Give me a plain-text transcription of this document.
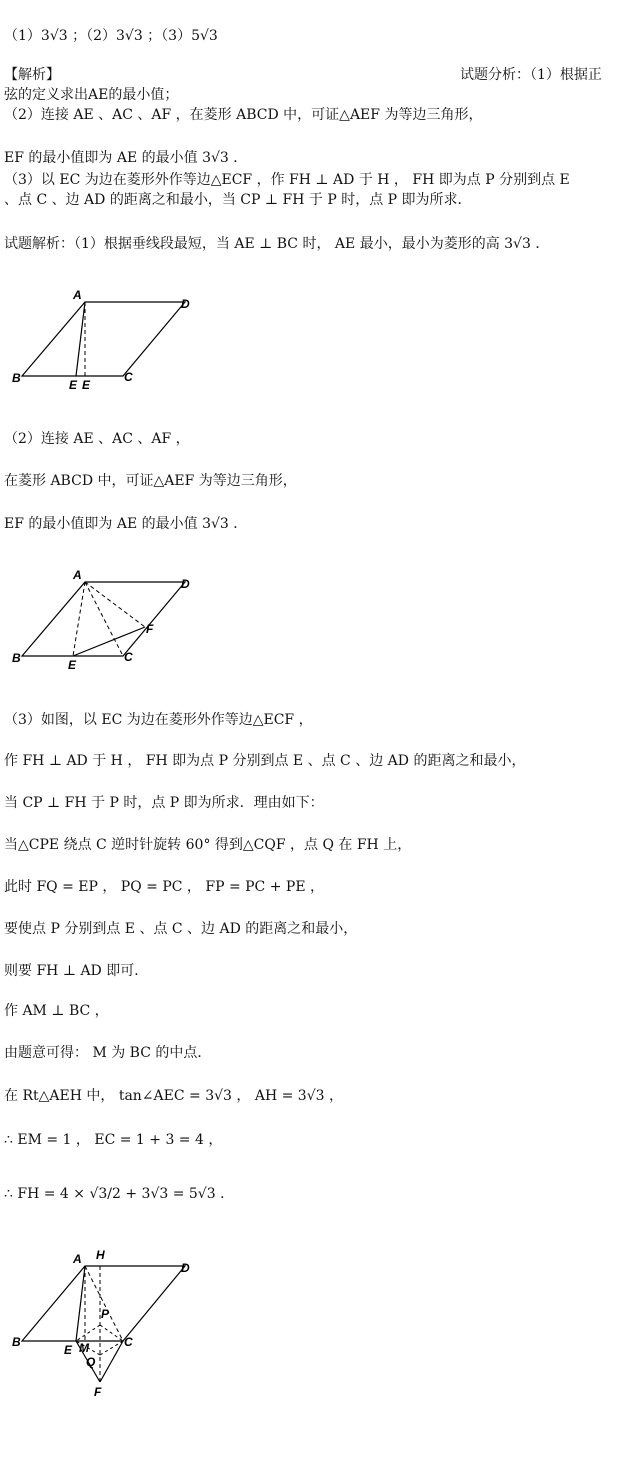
（1）3√3 ；（2）3√3 ；（3）5√3
【解析】	试题分析：（1）根据正
弦的定义求出AE的最小值；
（2）连接 AE 、AC 、AF ，在菱形 ABCD 中，可证△AEF 为等边三角形，
EF 的最小值即为 AE 的最小值 3√3 ．
（3）以 EC 为边在菱形外作等边△ECF ，作 FH ⊥ AD 于 H ， FH 即为点 P 分别到点 E
、点 C 、边 AD 的距离之和最小，当 CP ⊥ FH 于 P 时，点 P 即为所求．
试题解析：（1）根据垂线段最短，当 AE ⊥ BC 时， AE 最小，最小为菱形的高 3√3 ．
A
D
B	E E
C
（2）连接 AE 、AC 、AF ，
在菱形 ABCD 中，可证△AEF 为等边三角形，
EF 的最小值即为 AE 的最小值 3√3 ．
A
D
B	E
C
F
（3）如图，以 EC 为边在菱形外作等边△ECF ，
作 FH ⊥ AD 于 H ， FH 即为点 P 分别到点 E 、点 C 、边 AD 的距离之和最小，
当 CP ⊥ FH 于 P 时，点 P 即为所求．理由如下：
当△CPE 绕点 C 逆时针旋转 60° 得到△CQF ，点 Q 在 FH 上，
此时 FQ = EP ， PQ = PC ， FP = PC + PE ，
要使点 P 分别到点 E 、点 C 、边 AD 的距离之和最小，
则要 FH ⊥ AD 即可．
作 AM ⊥ BC ，
由题意可得： M 为 BC 的中点．
在 Rt△AEH 中， tan∠AEC = 3√3 ， AH = 3√3 ，
∴ EM = 1 ， EC = 1 + 3 = 4 ，
∴ FH = 4 × √3/2 + 3√3 = 5√3 ．
A H
D
B
E M
P
C
Q
F
